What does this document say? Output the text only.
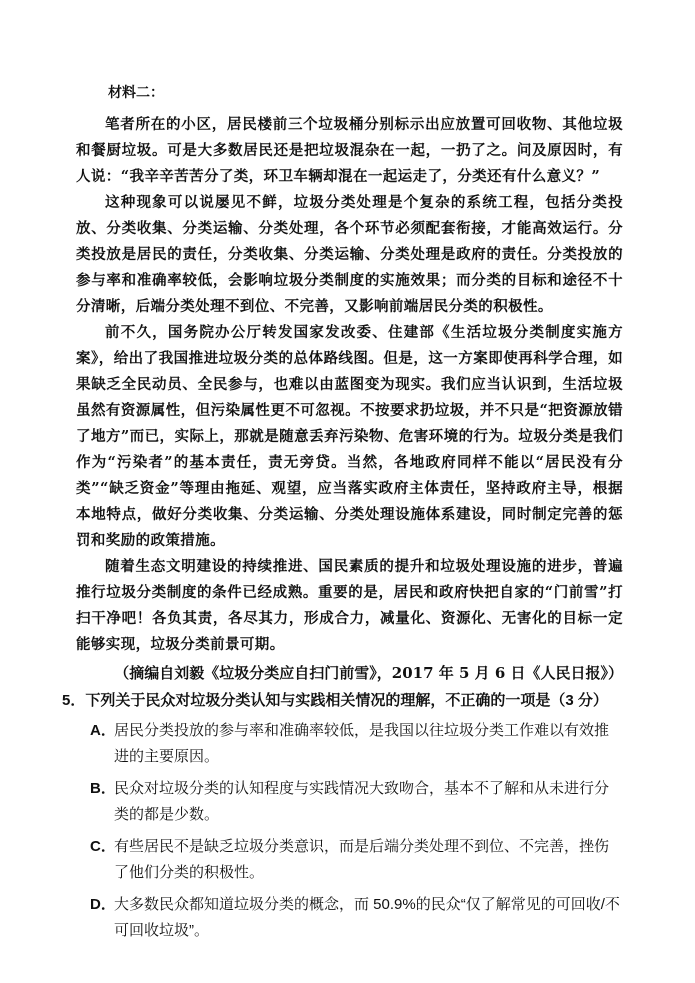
材料二：

笔者所在的小区，居民楼前三个垃圾桶分别标示出应放置可回收物、其他垃圾和餐厨垃圾。可是大多数居民还是把垃圾混杂在一起，一扔了之。问及原因时，有人说：“我辛辛苦苦分了类，环卫车辆却混在一起运走了，分类还有什么意义？”

这种现象可以说屡见不鲜，垃圾分类处理是个复杂的系统工程，包括分类投放、分类收集、分类运输、分类处理，各个环节必须配套衔接，才能高效运行。分类投放是居民的责任，分类收集、分类运输、分类处理是政府的责任。分类投放的参与率和准确率较低，会影响垃圾分类制度的实施效果；而分类的目标和途径不十分清晰，后端分类处理不到位、不完善，又影响前端居民分类的积极性。

前不久，国务院办公厅转发国家发改委、住建部《生活垃圾分类制度实施方案》，给出了我国推进垃圾分类的总体路线图。但是，这一方案即使再科学合理，如果缺乏全民动员、全民参与，也难以由蓝图变为现实。我们应当认识到，生活垃圾虽然有资源属性，但污染属性更不可忽视。不按要求扔垃圾，并不只是“把资源放错了地方”而已，实际上，那就是随意丢弃污染物、危害环境的行为。垃圾分类是我们作为“污染者”的基本责任，责无旁贷。当然，各地政府同样不能以“居民没有分类”“缺乏资金”等理由拖延、观望，应当落实政府主体责任，坚持政府主导，根据本地特点，做好分类收集、分类运输、分类处理设施体系建设，同时制定完善的惩罚和奖励的政策措施。

随着生态文明建设的持续推进、国民素质的提升和垃圾处理设施的进步，普遍推行垃圾分类制度的条件已经成熟。重要的是，居民和政府快把自家的“门前雪”打扫干净吧！各负其责，各尽其力，形成合力，减量化、资源化、无害化的目标一定能够实现，垃圾分类前景可期。

（摘编自刘毅《垃圾分类应自扫门前雪》，2017 年 5 月 6 日《人民日报》）
5．下列关于民众对垃圾分类认知与实践相关情况的理解，不正确的一项是（3 分）
A．
居民分类投放的参与率和准确率较低，是我国以往垃圾分类工作难以有效推进的主要原因。
B．
民众对垃圾分类的认知程度与实践情况大致吻合，基本不了解和从未进行分类的都是少数。
C．
有些居民不是缺乏垃圾分类意识，而是后端分类处理不到位、不完善，挫伤了他们分类的积极性。
D．
大多数民众都知道垃圾分类的概念，而 50.9%的民众“仅了解常见的可回收/不可回收垃圾”。
